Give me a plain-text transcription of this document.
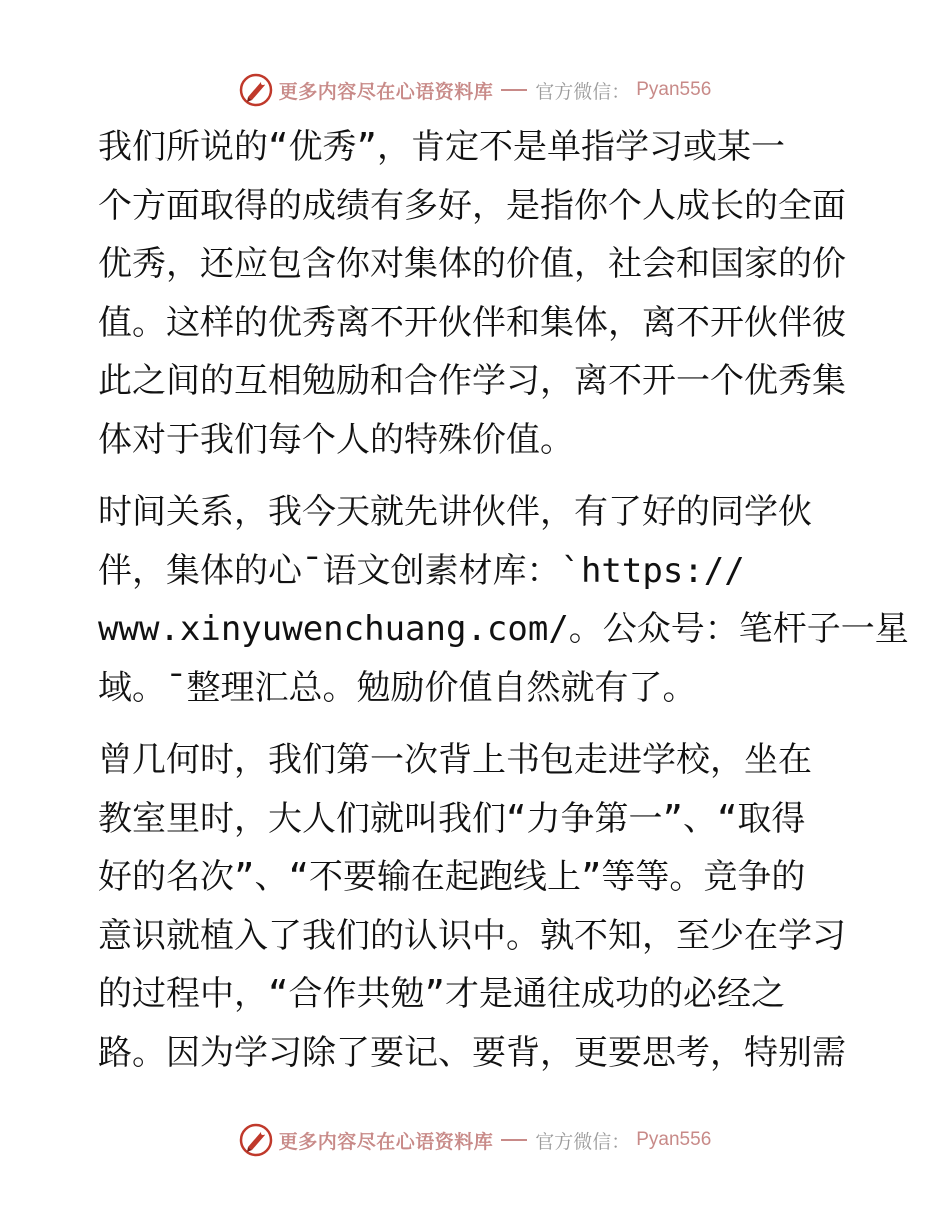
更多内容尽在心语资料库 官方微信： Pyan556
我们所说的“优秀”，肯定不是单指学习或某一
个方面取得的成绩有多好，是指你个人成长的全面
优秀，还应包含你对集体的价值，社会和国家的价
值。这样的优秀离不开伙伴和集体，离不开伙伴彼
此之间的互相勉励和合作学习，离不开一个优秀集
体对于我们每个人的特殊价值。
时间关系，我今天就先讲伙伴，有了好的同学伙
伴，集体的心¯语文创素材库：`https://
www.xinyuwenchuang.com/。公众号：笔杆子一星
域。¯整理汇总。勉励价值自然就有了。
曾几何时，我们第一次背上书包走进学校，坐在
教室里时，大人们就叫我们“力争第一”、“取得
好的名次”、“不要输在起跑线上”等等。竞争的
意识就植入了我们的认识中。孰不知，至少在学习
的过程中，“合作共勉”才是通往成功的必经之
路。因为学习除了要记、要背，更要思考，特别需
更多内容尽在心语资料库 官方微信： Pyan556
